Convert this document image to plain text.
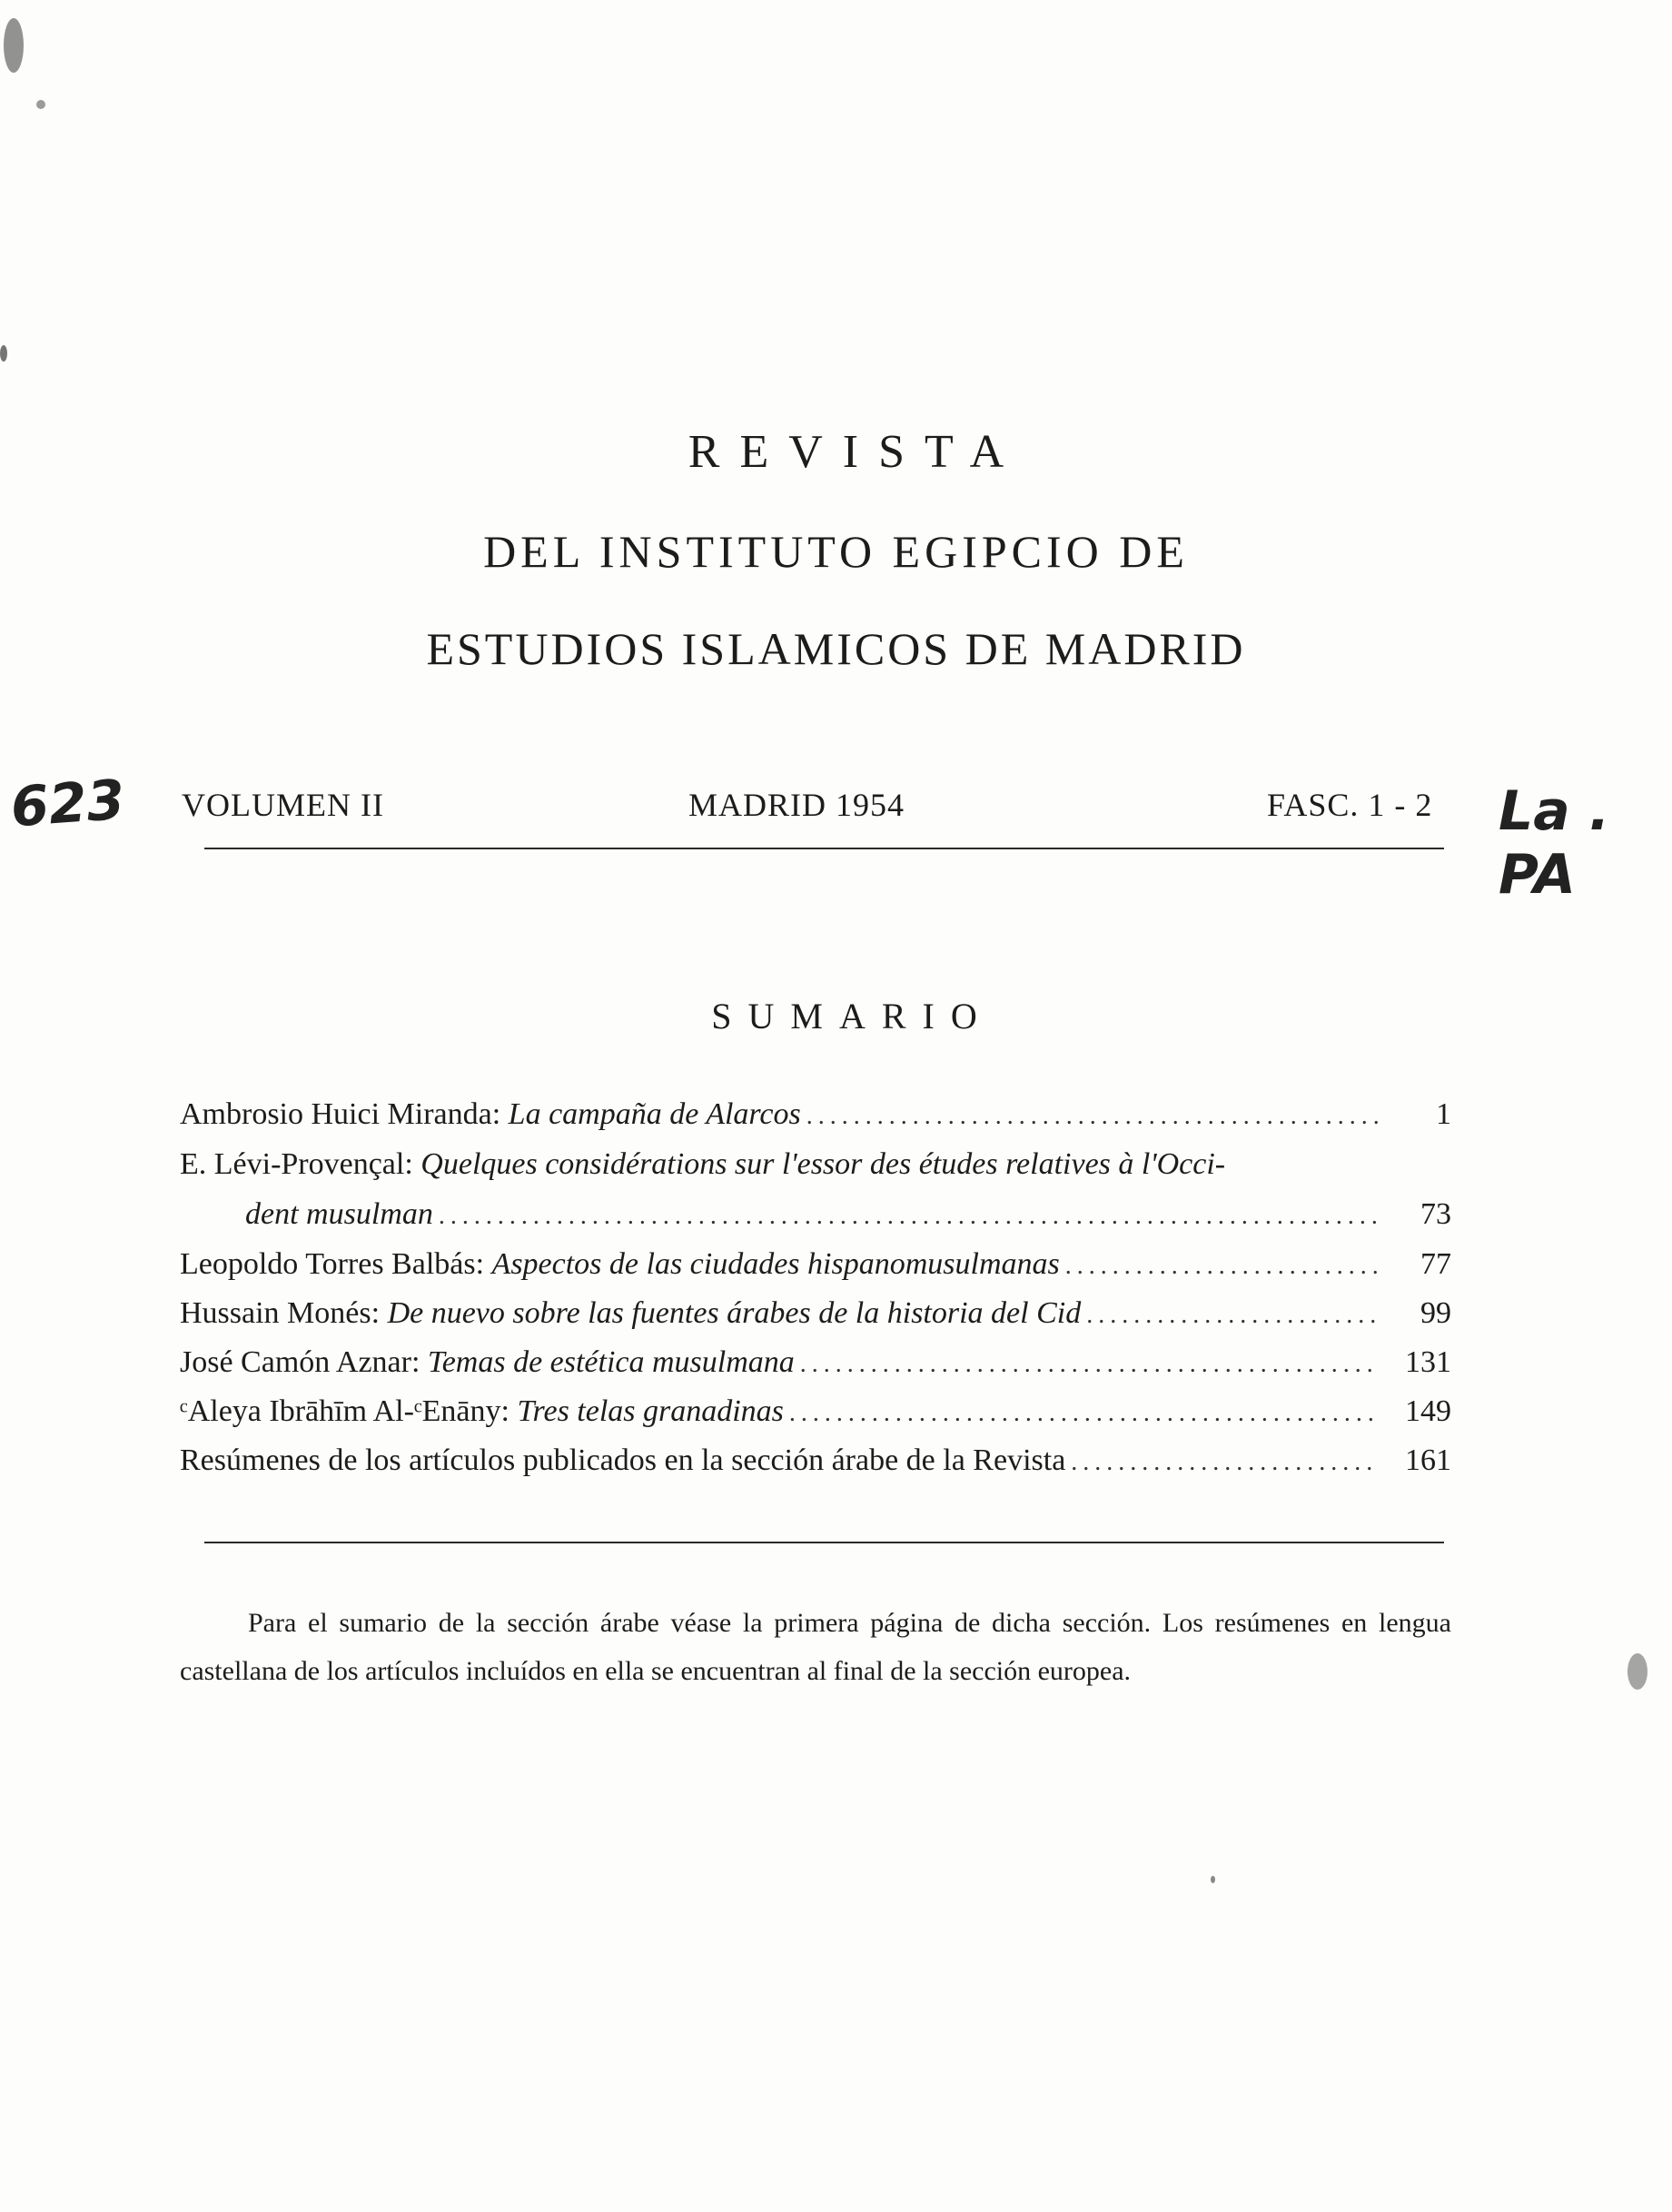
REVISTA
DEL INSTITUTO EGIPCIO DE
ESTUDIOS ISLAMICOS DE MADRID
623 VOLUMEN II	MADRID 1954	FASC. 1 - 2 La . PA
SUMARIO
Ambrosio Huici Miranda:
La campaña de Alarcos .....	1
E. Lévi-Provençal:
Quelques considérations sur l'essor des études relatives à l'Occi-
dent musulman .....	73
Leopoldo Torres Balbás:
Aspectos de las ciudades hispanomusulmanas .....	77
Hussain Monés:
De nuevo sobre las fuentes árabes de la historia del Cid .....	99
José Camón Aznar:
Temas de estética musulmana .....	131
ᶜAleya Ibrāhīm Al-ᶜEnāny:
Tres telas granadinas .....	149
Resúmenes de los artículos publicados en la sección árabe de la Revista .....	161
Para el sumario de la sección árabe véase la primera página de dicha sección. Los resúmenes en lengua castellana de los artículos incluídos en ella se encuentran al final de la sección europea.
